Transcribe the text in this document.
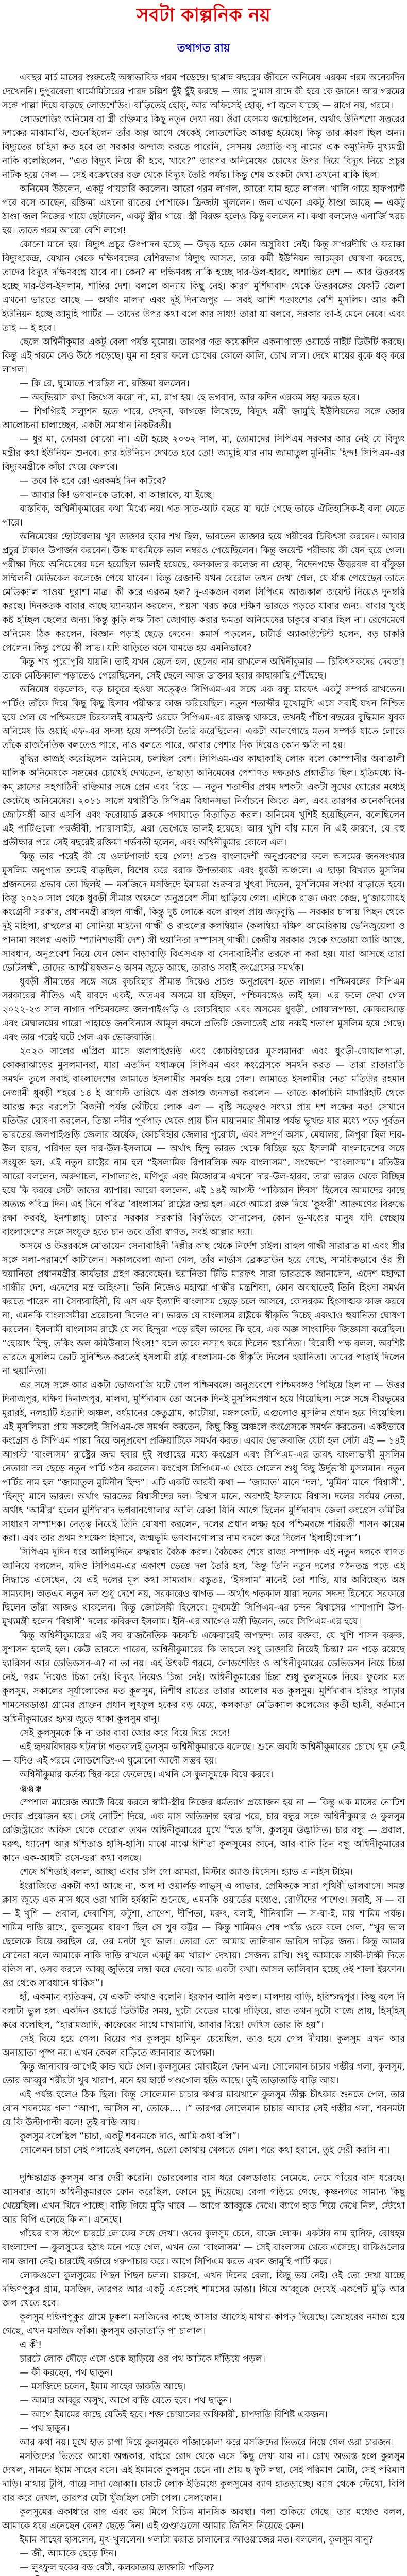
সবটা কাল্পনিক নয়
তথাগত রায়

এবছর মার্চ মাসের শুরুতেই অস্বাভাবিক গরম পড়েছে। ছাপ্পান্ন বছরের জীবনে অনিমেষ এরকম গরম অনেকদিন দেখেননি। দুপুরবেলা থার্মোমিটারের পারদ চল্লিশ ছুঁই ছুঁই করছে — আর দু’মাস বাদে কী হবে কে জানে! আর গরমের সঙ্গে পাল্লা দিয়ে বাড়ছে লোডশেডিং। বাড়িতেই হোক্, আর অফিসেই হোক্, গা জ্বলে যাচ্ছে — রাগে নয়, গরমে।

লোডশেডিং অনিমেষ বা স্ত্রী রক্তিমার কিছু নতুন দেখা নয়। ওঁরা যেসময় জন্মেছিলেন, অর্থাৎ উনিশশো সত্তরের দশকের মাঝামাঝি, শুনেছিলেন তাঁর অল্প আগে থেকেই লোডশেডিং আরম্ভ হয়েছে। কিন্তু তার কারণ ছিল অন্য। বিদ্যুতের চাহিদা কত হবে তা সরকার অন্দাজ করতে পারেনি, সেসময় জ্যোতি বসু নামের এক কম্যুনিস্ট মুখ্যমন্ত্রী নাকি বলেছিলেন, “এত বিদ্যুৎ নিয়ে কী হবে, খাবে?” তারপর অনিমেষের চোখের উপর দিয়ে বিদ্যুৎ নিয়ে প্রচুর নাটক হয়ে গেল — সেই বক্রেশ্বরের রক্ত থেকে বিদ্যুৎ তৈরি পর্যন্ত। কিন্তু শেষ অংকটা দেখা তখনো বাকি ছিল।

অনিমেষ উঠলেন, একটু পায়চারি করলেন। আরো গরম লাগল, আরো ঘাম হতে লাগল। খালি গায়ে হাফপ্যান্ট পরে বসে আছেন, রক্তিমা এখনো রাতের পোশাকে। ফ্রিজটা খুললেন। জল এখনো একটু ঠাণ্ডা আছে — একটু ঠাণ্ডা জল নিজের গায়ে ছেটালেন, একটু স্ত্রীর গায়ে। স্ত্রী বিরক্ত হলেও কিছু বললেন না। কথা বললেও এনার্জি খরচ হয়। তাতে গরম আরো বেশি লাগে!

কোনো মানে হয়। বিদ্যুৎ প্রচুর উৎপাদন হচ্ছে — উদ্বৃত্ত হতে কোন অসুবিধা নেই। কিন্তু সাগরদীঘি ও ফরাক্কা বিদ্যুৎকেন্দ্র, যেখান থেকে দক্ষিণবঙ্গের বেশিরভাগ বিদ্যুৎ আসত, তার কর্মী ইউনিয়ন আচম্কা ঘোষণা করেছে, তাদের বিদ্যুৎ দক্ষিণবঙ্গে যাবে না। কেন? না দক্ষিণবঙ্গ নাকি হচ্ছে দার-উল-হারব, অশান্তির দেশ — আর উত্তরবঙ্গ হচ্ছে দার-উল-ইসলাম, শান্তির দেশ। বললে অন্যায় কিছু নেই। কারণ মুর্শিদাবাদ থেকে উত্তরবঙ্গের যেকটি জেলা এখনো ভারতে আছে — অর্থাৎ মালদা এবং দুই দিনাজপুর — সবই আশি শতাংশের বেশি মুসলিম। আর কর্মী ইউনিয়ন হচ্ছে জামুহি পার্টির — তাদের উপর কথা বলে কার সাধ্য! তারা যা বলবে, সরকার তা-ই মেনে নেবে। এবং তাই — ই হবে।

ছেলে অশ্বিনীকুমার একটু বেলা পর্যন্ত ঘুমোয়। তারপর গত কয়েকদিন একনাগাড়ে ওয়ার্ডে নাইট ডিউটি করছে। কিন্তু এই গরমে সেও উঠে পড়েছে। ঘুম না হবার ফলে চোখের কোলে কালি, চোখ লাল। দেখে মায়ের বুকে ধক্ করে লাগল।

— কি রে, ঘুমোতে পারছিস না, রক্তিমা বললেন।

— অব্‌ভিয়াস কথা জিগেস করো না, মা, রাগ হয়। হে ভগবান, আর কদিন এরকম সহ্য করত হবে।

— শিগগিরই সল্যুশন হতে পারে, দেখ্‌না, কাগজে লিখেছে, বিদ্যুৎ মন্ত্রী জামুহি ইউনিয়নের সঙ্গে জোর আলোচনা চালাচ্ছেন, একটা সমাধান নিকটবর্তী।

— ধুর মা, তোমরা বোঝো না। এটা হচ্ছে ২০৩২ সাল, মা, তোমাদের সিপিএম সরকার আর নেই যে বিদ্যুৎ মন্ত্রীর কথা ইউনিয়ন শুনবে। কার ইউনিয়ন দেখতে হবে তো! জামুহি যার নাম জামাতুল মুনিনীম হিন্দ! সিপিএম-এর বিদ্যুৎমন্ত্রীকে কাঁচা খেয়ে ফেলবে।

— তবে কি হবে রে! এরকমই দিন কাটবে?

— আবার কি! ভগবানকে ডাকো, বা আল্লাকে, যা ইচ্ছে।

বাস্তবিক, অশ্বিনীকুমারের কথা মিথ্যে নয়। গত সাত-আট বছরে যা ঘটে গেছে তাকে ঐতিহাসিক-ই বলা যেতে পারে।

অনিমেষের ছোটবেলায় খুব ডাক্তার হবার শখ ছিল, ভাবতেন ডাক্তার হয়ে গরীবের চিকিৎসা করবেন। আবার প্রচুর টাকাও উপার্জন করবেন। উচ্চ মাধ্যমিকে ভাল নম্বরও পেয়েছিলেন। কিন্তু জয়েন্ট পরীক্ষায় কী যেন হয়ে গেল। পরীক্ষা দিয়ে অনিমেষের মনে হয়েছিল ভালই হয়েছে, কলকাতার কলেজ না হোক্, নিদেনপক্ষে উত্তরবঙ্গ বা বাঁকুড়া সম্মিলনী মেডিকেল কলেজে পেয়ে যাবেন। কিন্তু রেজাল্ট যখন বেরোল তখন দেখা গেল, যে র্যাঙ্ক পেয়েছেন তাতে মেডিক্যাল পাওয়া দুরাশা মাত্র। কী করে এরকম হল? দু-একজন বলল সিপিএম আজকাল জয়েন্ট নিয়েও দুনম্বরি করছে। দিনকতক বাবার কাছে ঘ্যানঘ্যান করলেন, পয়সা খরচ করে দক্ষিণ ভারতে পড়তে যাবার জন্য। বাবার খুবই কষ্ট হচ্ছিল ছেলের জন্য। কিন্তু কুড়ি লক্ষ টাকা জোগাড় করার ক্ষমতা অনিমেষের চাকুরে বাবার ছিল না। রেগেমেগে অনিমেষ ঠিক করলেন, বিজ্ঞান পড়াই ছেড়ে দেবেন। কমার্স পড়লেন, চার্টার্ড অ্যাকাউন্টেন্ট হলেন, বড় চাকরি পেলেন। কিন্তু পেয়ে কী লাভ। যদি বাড়িতে বসে ঘামতে হয় এমনিভাবে?

কিন্তু শখ পুরোপুরি যায়নি। তাই যখন ছেলে হল, ছেলের নাম রাখলেন অশ্বিনীকুমার — চিকিৎসকদের দেবতা! তাকে মেডিক্যাল পড়াতেও পেরেছিলেন, সেই ছেলে আজ ডাক্তার হবার কাছাকাছি পৌঁছেছে।

অনিমেষ বড়লোক, বড় চাকুরে হওয়া সত্ত্বেও সিপিএম-এর সঙ্গে এক বন্ধু মারফৎ একটু সম্পর্ক রাখতেন। পার্টিও তাঁকে দিয়ে কিছু কিছু হিসাব পরীক্ষার কাজ করিয়েছিল। নতুন শতাব্দীর মুখোমুখি এসে সবাই যখন নিশ্চিত হয়ে গেল যে পশ্চিমবঙ্গে চিরকালই বামফ্রন্ট ওরফে সিপিএম-এর রাজত্ব থাকবে, তখনই পঁচিশ বছরের বুদ্ধিমান যুবক অনিমেষ ডি ওয়াই এফ-এর সদস্য হয়ে সম্পর্কটা তৈরি করেছিলেন। একটা আলগোছে মতন সম্পর্ক যাতে লোকে তাঁকে রাজনৈতিক বলতেও পারে, নাও বলতে পারে, আবার পেশার দিক দিয়েও কোন ক্ষতি না হয়।

বুদ্ধির কাজই করেছিলেন অনিমেষ, চলছিল বেশ। সিপিএম-এর কাছাকাছি লোক বলে কোম্পানীর অবাঙালী মালিক অনিমেষকে সম্ভ্রমের চোখেই দেখতেন, তাছাড়া অনিমেষের পেশাগত দক্ষতাও প্রশ্নাতীত ছিল। ইতিমধ্যে বি-কম্ ক্লাসের সহপাঠিনী রক্তিমার সঙ্গে প্রেম এবং বিয়ে — নতুন শতাব্দীর প্রথম দশকটা একটা সুখের ঘোরের মধ্যেই কেটেছে অনিমেষের। ২০১১ সালে যথারীতি সিপিএম বিধানসভা নির্বাচনে জিতে এল, এবং তারপর অনেকদিনের জোটসঙ্গী আর এসপি এবং ফরোয়ার্ড ব্লককে পদাঘাতে বিতাড়িত করল। অনিমেষ খুশিই হয়েছিলেন, বলেছিলেন এই পার্টিগুলো পরজীবী, প্যারাসাইট, এরা ভেগেছে ভালই হয়েছে। আর খুশি বাঁধ মানে নি এই কারণে, যে বহু প্রতীক্ষার পরে সেই বছরেই রক্তিমা গর্ভবতী হলেন, এবং অশ্বিনীকুমার কোলে এল।

কিন্তু তার পরেই কী যে ওলটপালট হয়ে গেল! প্রচণ্ড বাংলাদেশী অনুপ্রবেশের ফলে অসমের জনসংখ্যার মুসলিম অনুপাত ক্রমেই বাড়ছিল, বিশেষ করে বরাক উপত্যকায় এবং ধুবড়ী অঞ্চলে। এ ছাড়া বিখ্যাত মুসলিম প্রজননের প্রভাব তো ছিলই — মসজিদে মসজিদে ইমামরা শুক্রবার খুৎবা দিতেন, মুসলিমের সংখ্যা বাড়াতে হবে। কিন্তু ২০২০ সাল থেকে ধুবড়ী সীমান্ত অঞ্চলে অনুপ্রবেশ সীমা ছাড়িয়ে গেল। এদিকে রাজ্য এবং কেন্দ্র, দু’জায়গায়ই কংগ্রেসী সরকার, প্রধানমন্ত্রী রাহুল গান্ধী, কিন্তু দুষ্ট লোকে বলে রাহুল প্রায় জড়বুদ্ধি — সরকার চালায় পিছন থেকে দুই মহিলা, রাহুলের মা সোনিয়া মাইনো গান্ধী ও রাহুলের কলম্বিয়ান (কলম্বিয়া দক্ষিণ আমেরিকায় ভেনিজুয়েলা ও পানামা সংলগ্ন একটি স্প্যানিশভাষী দেশ) স্ত্রী হুয়ানিতা দস্পাসস্ গান্ধী। কেন্দ্রীয় সরকার থেকে ফতোয়া জারি আছে, সাবধান, অনুপ্রবেশ নিয়ে যেন কোন বাড়াবাড়ি বিএসএফ বা সেনাবাহিনীর তরফে না করা হয়। যারা আসছে তারা ভোটলক্ষ্মী, তাদের আত্মীয়স্বজনও অসম জুড়ে আছে, তারাও সবাই কংগ্রেসের সমর্থক।

ধুবড়ী সীমান্তের সঙ্গে সঙ্গে কুচবিহার সীমান্ত দিয়েও প্রচণ্ড অনুপ্রবেশ হতে লাগল। পশ্চিমবঙ্গের সিপিএম সরকারের নীতিও এই বাবদে একই, অতএব অসমে যা হচ্ছিল, পশ্চিমবঙ্গেও তাই হল। এর ফলে দেখা গেল ২০২২-২৩ সাল নাগাদ পশ্চিমবঙ্গের জলপাইগুড়ি ও কোচবিহার এবং অসমের ধুবড়ী, গোয়ালপাড়া, কোকরাঝাড় এবং মেঘালয়ের গারো পাহাড়ে জনবিন্যাস আমূল বদলে প্রতিটি জেলাতেই প্রায় নব্বই শতাংশ মুসলিম হয়ে গেছে। এবং তার পরেই ঘটে গেল এক ভোজবাজি।

২০২৩ সালের এপ্রিল মাসে জলপাইগুড়ি এবং কোচবিহারের মুসলমানরা এবং ধুবড়ী-গোয়ালপাড়া, কোকরাঝাড়ের মুসলমানরা, যারা এতদিন যথাক্রমে সিপিএম এবং কংগ্রেসকে সমর্থন করত — তারা রাতারাতি সমর্থন তুলে সবাই বাংলাদেশের জামাতে ইসলামীর সমর্থক হয়ে গেল। জামাতে ইসলামীর নেতা মতিউর রহমান নেজামী ধুবড়ী শহরে ১৪ ই আগস্ট তারিখে এক প্রকাণ্ড জনসভা করলেন — তাতে কালচিনি মাদারিহাট থেকে আরম্ভ করে বরপেটা বিজনী পর্যন্ত ঝেঁটিয়ে লোক এল — বৃষ্টি সত্ত্বেও সংখ্যা প্রায় দশ লক্ষের মত! সেখানে মতিউর ঘোষণা করলেন, তিস্তা নদীর পূর্বপাড় থেকে প্রায় চীন মায়ানমার সীমান্ত পর্যন্ত ভূখন্ড যার মধ্যে পড়ে পূর্বতন ভারতের জলপাইগুড়ি জেলার অর্ধেক, কোচবিহার জেলার পুরোটা, এবং সম্পূর্ণ অসম, মেঘালয়, ত্রিপুরা ছিল দার-উল হারব, পরিণত হল দার-উল-ইসলামে — অর্থাৎ হিন্দু ভারত থেকে বিচ্ছিন্ন হয়ে ইসলামী বাংলাদেশের সঙ্গে সংযুক্ত হল, এই নতুন রাষ্ট্রের নাম হল “ইসলামিক রিপাবলিক অফ বাংলাসম”, সংক্ষেপে “বাংলাসম”। মতিউর আরো বললেন, অরুণাচল, নাগাল্যাণ্ড, মণিপুর এবং মিজোরাম এখনো দার-উল-হারব, তারা ভারত থেকে বিচ্ছিন্ন হয়ে কি করবে সেটা তাদের ব্যাপার। আরো বললেন, এই ১৪ই আগস্ট ‘পাকিস্তান দিবস’ হিসেবে আমাদের কাছে অত্যন্ত পবিত্র দিন। এই দিনে পবিত্র ‘বাংলাসম’ রাষ্ট্রের জন্ম হল। একে আমরা রক্ত দিয়ে ‘কুফরী’ আক্রমণের বিরুদ্ধে রক্ষা করবই, ইনশাল্লাহ্। ঢাকার সরকার সরকারি বিবৃতিতে জানালেন, কোন ভূ-খণ্ডের মানুষ যদি স্বেচ্ছায় বাংলাদেশের সঙ্গে সংযুক্ত হতে চান তবে তাঁরা স্বাগত, সবই আল্লার দয়া।

অসমে ও উত্তরবঙ্গে মোতায়েন সেনাবাহিনী দিল্লীর কাছ থেকে নির্দেশ চাইল। রাহুল গান্ধী সারারাত মা এবং স্ত্রীর সঙ্গে সলা-পরামর্শে কাটালেন। সকালবেলা জানা গেল, তাঁর নার্ভাস ব্রেকডাউন হয়ে গেছে, সাময়িকভাবে ওঁর স্ত্রী হুয়ানিতা প্রধানমন্ত্রীর কার্যভার গ্রহণ করবেছেন। হুয়ানিতা টিভি মারফৎ সারা ভারতকে জানালেন, এদেশ মহাত্মা গান্ধীর দেশ, এদেশের মন্ত্র অহিংসা। তিনি নিজেও মহাত্মা গান্ধীর মন্ত্রশিষ্যা, কোন অবস্থাতেই তিনি হিংসা সমর্থন করতে পারেন না। সৈন্যবাহিনী, বি এস এফ ইত্যাদি বাংলাসম ছেড়ে চলে আসবে, কোনরকম হিংসাত্মক কাজ করবে না, এমনকি বাংলাসমীরা প্ররোচনা দিলেও না। ভারত যে বাংলাসম রাষ্ট্রকে স্বীকৃতি দিচ্ছে একথাও হুয়ানিতা ঘোষণা করলেন। ইসলামী বাংলাসম রাষ্ট্রে যে সব হিন্দুরা পড়ে রইল তাদের কি হবে, এক অজ্ঞ সাংবাদিক জিজ্ঞাসা করেছিল। “হোয়াৎ হিন্দু, তকিং অল কমিউনাল থিংস!” বলে তাকে নস্যাৎ করে দিলেন হুয়ানিতা। বিরোধী পক্ষ বলল, অবশিষ্ট ভারতে মুসলিম ভোট সুনিশ্চিত করতেই ইসলামী রাষ্ট্র বাংলাসম-কে স্বীকৃতি দিলেন হুয়ানিতা। তাদের পাত্তাই দিলেন না হুয়ানিতা।

এর সঙ্গে সঙ্গে আর একটা ভোজবাজি ঘটে গেল পশ্চিমবঙ্গে। অনুপ্রবেশে পশ্চিমবঙ্গও পিছিয়ে ছিল না — উত্তর দিনাজপুর, দক্ষিণ দিনাজপুর, মালদা, মুর্শিদাবাদ তো অনেক দিনই মুসলিমপ্রধান হয়ে গিয়েছিল। সঙ্গে সঙ্গে বীরভূমের মুরারই, নলহাটি ইত্যাদি অঞ্চল, বর্ধমানের কেতুগ্রাম, কাটোয়া, মঙ্গলকোট, এগুলোও মুসলিম প্রধান হয়ে গিয়েছিল। এই মুসলিমরা প্রায় সকলেই সিপিএম-কে সমর্থন করতেন, কিছু কিছু অঞ্চলে কংগ্রেসকে সমর্থন করতেন। একইভাবে কংগ্রেস ও সিপিএম পাল্লা দিয়ে অনুপ্রবেশ প্রক্রিয়াটিকে সমর্থন করত। এবার ভোজবাজি যেটা হল সেটা এই — ১৪ই আগস্ট ‘বাংলাসম’ রাষ্ট্রের জন্ম হবার দুই সপ্তাহের মধ্যে কংগ্রেস এবং সিপিএম-এর তাবৎ বাংলাভাষী মুসলিম নেতারা দল ছেড়ে নতুন পার্টি গঠন করলেন। কংগ্রেস সিপিএম-এ থেকে গেলেন শুধু কিছু উর্দুভাষী মুসলমান। নতুন পার্টির নাম হল “জামাতুল মুমিনীন হিন্দ”। এটি একটি আরবী কথা — ‘জামাত’ মানে ‘দল’, ‘মুমিন’ মানে ‘বিশ্বাসী’, ‘হিন্দ্’ মানে ভারত। অর্থাৎ ভারতের বিশ্বাসীদের দল। বিশ্বাস মানে, অবশ্যই ইসলামে বিশ্বাস। দলের সর্বময় নেতা, অর্থাৎ ‘আমীর’ হলেন মুর্শিদাবাদ ভগবানগোলার আলি রেজা যিনি আগে ছিলেন মুর্শিদাবাদ জেলা কংগ্রেস কমিটির সাধারণ সম্পাদক। নেতৃত্ব নিয়েই তিনি ঘোষণা করলেন, দলের প্রধান লক্ষ্য হবে পশ্চিমবঙ্গে শরিয়তী শাসন কায়েম করা। এবং তার প্রথম পদক্ষেপ হিসাবে, জন্মভূমি ভগবানগোলার নাম বদলে করে দিলেন ‘ইলাহীগোলা’।

সিপিএম দুদিন ধরে আলিমুদ্দিনে রুদ্ধদ্বার বৈঠক করল। বৈঠকের শেষে রাজ্য সম্পাদক এই নতুন দলকে স্বাগত জানিয়ে বললেন, যদিও সিপিএম-এর একাংশ ভেঙে দল তৈরি হল, কিন্তু তিনি নতুন দলের গঠনতন্ত্র পড়ে এই সিদ্ধান্তে এসেছেন, যে এই দলের মূল কথা সাম্যবাদ। বস্তুতঃ, ‘ইসলাম’ মানেই তো শান্তি, যার অবিচ্ছেদ্য অঙ্গ সাম্যবাদ। অতএব নতুন দল শুধু দেশে নয়, সরকারেও স্বাগত — অর্থাৎ গতকাল যারা দলের সদস্য হিসেবে সরকারে ছিলেন তাঁরা আজও থাকলেন। কিন্তু জোটসঙ্গী হিসেবে। মুখ্যমন্ত্রী সিপিএম-এর চন্দন বিশ্বাসের পাশাপাশি উপ-মুখ্যমন্ত্রী হলেন ‘বিশ্বাসী’ দলের কবিরুল ইসলাম। ইনি-এর আগেও মন্ত্রী ছিলেন, তবে সিপিএম-এর হয়ে।

কিন্তু অশ্বিনীকুমারের এই সব রাজনৈতিক কচকচি একেবারেই অপছন্দ। তার বক্তব্য, যে খুশি শাসন করুক, সুশাসন হলেই হল। কেউ ভাবতে পারেন, অশ্বিনীকুমারের কি তাহলে শুধু ডাক্তারি নিয়েই চিন্তা? মন পড়ে রয়েছে হ্যারিসন আর ডেভিডসন-এ? না তা নয়। এই উৎকট গরমে, লোডশেডিং ও অশ্বিনীকুমারের ডেভিডসন নিয়ে চিন্তা নেই, গরম নিয়েও চিন্তা নেই। বিদ্যুৎ নিয়েও চিন্তা নেই। অশ্বিনীকুমারের চিন্তা শুধু কুলসুমকে নিয়ে। ফুলের মত কুলসুম, সকালের সূর্যালোকের মত কুলসুম, নিশীথ রাতের তারার আলোর মত কুলসুম। মুর্শিদাবাদ হরিহর পাড়ার শামসেরডাঙা গ্রামের প্রাক্তন প্রধান লুৎফুল হকের বড় মেয়ে, কলকাতা মেডিক্যাল কলেজের কৃতী ছাত্রী, বর্তমানে অশ্বিনীকুমারের হৃদয় জুড়ে থাকা কুলসুম বানু।

সেই কুলসুমকে কি না তার বাবা জোর করে বিয়ে দিয়ে দেবে!

এই হৃদয়বিদারক ঘটনাটা গতকালই কুলসুম অশ্বিনীকুমারকে বলেছে। শুনে অবধি অশ্বিনীকুমারের চোখে ঘুম নেই — যদিও এই গরমে লোডশেডিং-এ ঘুমোনো আদৌ সম্ভব হয়।

অশ্বিনীকুমার কর্তব্য স্থির করে ফেলেছে। এখনি সে কুলসুমকে বিয়ে করবে।

ঞ্ঝঞ্ঝঞ্ঝ

স্পেশাল ম্যারেজ অ্যাক্টে বিয়ে করলে স্বামী-স্ত্রীর নিজের ধর্মত্যাগ প্রয়োজন হয় না — কিন্তু এক মাসের নোটিশ দেবার প্রয়োজন হয়। সেই নোটিশ দিয়ে, এক মাস অতিক্রান্ত হবার পরে, চার বন্ধুর সঙ্গে অশ্বিনীকুমার ও কুলসুম রেজিস্ট্রারের অফিস থেকে বেরোল তখন অশ্বিনীকুমারের মুখে স্মিত হাসি, কুলসুম উদ্ভাসিত। চার বন্ধু — প্রবাল, মরুৎ, ধ্যানেশ আর ঈশিতাও হাসি-হাসি। মাঝে মাঝে ঈশিতা কুলসুমের কানে, আর বাকি তিন বন্ধু অশ্বিনীকুমারের কানে এক-আধটা রসে-ভরা কথা বলছে।

শেষে ঈশিতাই বলল, আচ্ছা এবার চলি গো আমরা, মিস্টার অ্যাণ্ড মিসেস। হ্যাভ এ নাইস টাইম।

ইংরাজিতে একটা কথা আছে না, অল দা ওয়ার্লড লাভ্স্ এ লাভার, প্রেমিককে সারা পৃথিবী ভালবাসে। সমস্ত ক্লাস জুড়ে এক মাস ধরে ওরা খালি হর্ষধ্বনি শুনেছে, এমনকি ওয়ার্ডের মধ্যেও, রোগীদের পাশেও। সবাই, স — বা — ই খুশি — প্রবাল, দেবাশিস, কটুশা, প্রাণেশ, দীপিতা, মরুৎ, বলাই, শীনিবালি — স-বা-ই, মায় শামিম পর্যন্ত। শামিম দাড়ি রাখে, কুলসুমের ধারণা ছিল সে খুব কট্টর — কিন্তু শামিমও শেষ পর্যন্ত ওকে বলে গেল, “খুব ভাল ছেলেকে বিয়ে করছিস রে, ওর মনটা খুব ভাল। তোরা তো আমায় তালিবান ভাবিস দাড়ির জন্য। কিন্তু আমার বোনেরা বলে আমাকে নাকি দাড়ি রাখলে একটু কম খারাপ দেখায়। সেজন্য রাখি। শুধু আমাকে সাক্ষী-টাক্ষী দিতে বলিস না, ওসব করলে আব্বু জুতিয়ে লম্বা করে দেবে। আর একটা কথা। আসল তালিবান হচ্ছে ওই শালা ইরফান। ওর থেকে সাবধানে থাকিস”।

হাঁ, একমাত্র ব্যতিক্রম, যে একটা কথাও বলেনি। ইরফান আলি মণ্ডল। মালদায় বাড়ি, হরিশ্চন্দ্রপুর। কিছু বলে নি বলাটা ভুল হল। একদিন ওয়ার্ডে ডিউটির সময়, দুটো বেডের মাঝে দাঁড়িয়ে, রাত তখন দুটো বাজে প্রায়, হিস্‌হিস্ করে বলেছিল, “হারামজাদি, কাফেরের সাথে মাখামাখি, আবার বিয়ে! দেখিস তোর কি হয়”।

সেই বিয়ে হয়ে গেল। বিয়ের পর কুলসুম হানিমুন চেয়েছিল, তাও হয়ে গেল দীঘায়। কুলসুম এখন আর অনাঘ্রাতা পুষ্প নয়। এখন কেবল বাড়িতে জানাবার অপেক্ষা।

কিন্তু জানাবার আগেই কান্ড ঘটে গেল। কুলসুমের মোবাইলে ফোন এল। সোলেমান চাচার গম্ভীর গলা, কুলসুম, তোর আব্বুর শরীরটা খুব খারাপ, মনে হয় হার্টে গণ্ডগোল হতি আছে। তুই তাড়াতাড়ি বাড়ি আয়।

এই পর্যন্ত হলেও ঠিক ছিল। কিন্তু সোলেমান চাচার কথার মাঝখানে কুলসুম তীক্ষ্ণ চীৎকার শুনতে পেল, তার বোন শবনমের গলা “আপা, আসিস না, তোকে.... ।” তারপর সোলেমান চাচার আবার সেই গম্ভীর গলা, শবনমটা যে কি উল্টাপাল্টা বলে! তুই বাড়ি আয়।

কুলসুম বলেছিল “চাচা, একটু শবনমকে দাও, আমি কথা বলি”।

সোলেমন চাচা সেই গলাতেই বললেন, ওতো কোথায় খেলতে গেল। পরে কথা হবানে, তুই দেরী করসি না।

দুশ্চিন্তাগ্রস্ত কুলসুম আর দেরী করেনি। ভোরবেলার বাস ধরে বেলডাঙায় নেমেছে, নেমে গাঁয়ের বাস ধরেছে। আসবার আগে অশ্বিনীকুমারকে ফোন করেছিল, ফোনে চুমু দিয়েছে। বেলা গড়িয়ে গেছে, কৃষ্ণনগরে সামান্য কিছু খেয়েছিল। এখন খিদে পাচ্ছে। বাড়ি গিয়ে মুড়ি খাবে — আগে আব্বুকে দেখে। ব্যাগে হাত দিয়ে দেখে নিল, স্টেথো আর বিপি এনেছে কি না। এনেছে।

গাঁয়ের বাস স্টপে চারটে লোকের সঙ্গে দেখা। ওদের কুলসুম চেনে, বাজে লোক। একটার নাম হানিফ, বোধহয় বাংলাদেশ — কুলসুমের হঠাৎ মনে পড়ে গেল, এখন তো ‘বাংলাসম’ — সেই বাংলাসম থেকে এসেছে। বাকিগুলোর নাম জানা নেই। চারটেই বর্ডারে গরুপাচার করে। আগে সিপিএম করত এখন জামুহি পার্টি করে।

লোকগুলো কুলসুমের পিছন পিছন চলল। যাকগে, এখন দিনের বেলা, কিছু ভয় নেই। ওই তো দেখা যাচ্ছে দক্ষিণপুকুর গ্রাম, মসজিদ, তারপর আর একটু এগুলেই শামসের ডাঙা। গিয়ে আব্বুকে দেখেই একপেট মুড়ি আর জল খেতে হবে।

কুলসুম দক্ষিণপুকুর গ্রামে ঢুকল। মসজিদের কাছে আসার আগেই মাথায় কাপড় দিয়েছে। জোহরের নমাজ হয়ে গেছে, এখন মসজিদ ফাঁকা। কুলসুম তাড়াতাড়ি পা চালাল।

এ কী!

চারটে লোক দৌড়ে এসে ওকে ছাড়িয়ে ওর পথ আটকে দাঁড়িয়ে পড়ল।

— কী করছেন, পথ ছাড়ুন।

— মসজিদে চলেন, ইমাম সাহেব ডাকতি আছে।

— আমার আব্বুর অসুখ, আগে বাড়ি যেতে হবে। পথ ছাড়ুন।

— আগে ইমামের কাছে যেতিই হবে। শক্ত চোয়ালের অধিকারী, চাপদাড়ি বিশিষ্ট একজন।

— পথ ছাড়ুন।

আর কথা নয়। মুখে হাত চাপা দিয়ে কুলসুমকে পাঁজাকোলা করে মসজিদের ভিতরে নিয়ে গেল ওরা চারজন।

মসজিদের ভিতরে আধো অন্ধকার, বাইরে রোদ থেকে এসে কিছু দেখা যায় না। চোখ অভ্যস্ত হলে কুলসুম দেখল, সামনে ইমাম সাহেব বসে। এই ইমামকে কুলসুম চেনে না। প্রায় ছ ফুট লম্বা, সেই পরিমাণ মোটা, সেই পরিমাণ দাড়ি। মাথায় টুপি, গায়ে সাদা জোব্বা। চারটে লোক ইতিমধ্যে কুলসুমের ব্যাগ হাতড়াচ্ছে। ব্যাগ থেকে স্টেথো, বিপি বার করে দেখল, তারপর যেটা খুঁজছিল সেটা পেল। সেলফোন।

কুলসুমের একাধারে রাগ এবং ভয় মিলে বিচিত্র মানসিক অবস্থা। গলা শুকিয়ে গেছে। তার মধ্যেও বলল, আমাকে ধরে এনেছেন কেন? ছেড়ে দিন। এই গুণ্ডাগুলো আমার জিনিস নিয়েছে কেন।

ইমাম সাহেব হাসলেন, মুখ খুললেন। গলাটা করাত চালানোর আওয়াজের মত। বললেন, কুলসুম বানু?

— জী, আমাকে ছেড়ে দিন।

— লুৎফুল হকের বড় বেটী, কলকাতায় ডাক্তারি পড়িস?
